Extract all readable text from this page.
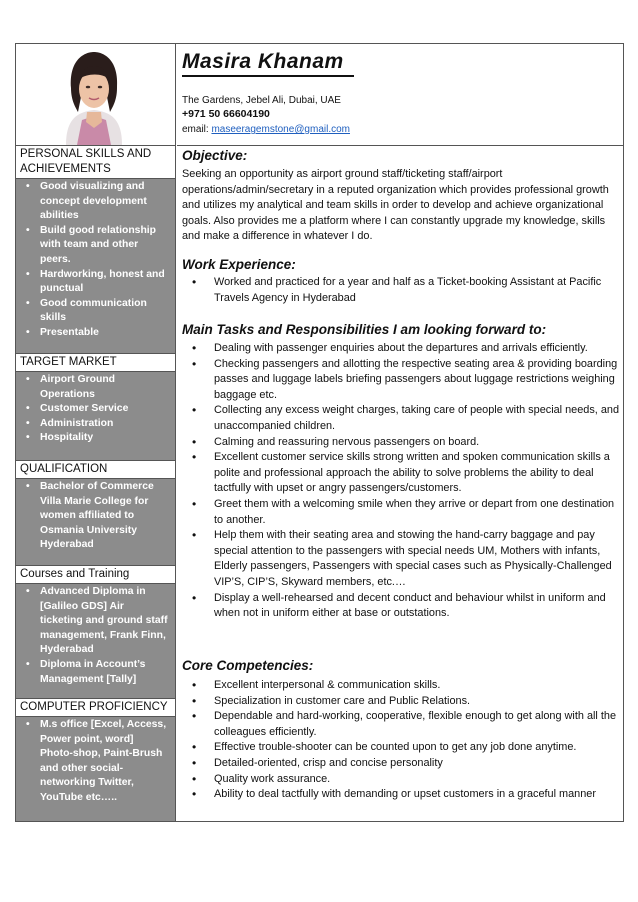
PERSONAL SKILLS AND
ACHIEVEMENTS
• Good visualizing and concept development abilities
• Build good relationship with team and other peers.
• Hardworking, honest and punctual
• Good communication skills
• Presentable
TARGET MARKET
• Airport Ground Operations
• Customer Service
• Administration
• Hospitality
QUALIFICATION
• Bachelor of Commerce Villa Marie College for women affiliated to Osmania University Hyderabad
Courses and Training
• Advanced Diploma in [Galileo GDS] Air ticketing and ground staff management, Frank Finn, Hyderabad
• Diploma in Account’s Management [Tally]
COMPUTER PROFICIENCY
• M.s office [Excel, Access, Power point, word] Photo-shop, Paint-Brush and other social-networking Twitter, YouTube etc…..
Masira Khanam
The Gardens, Jebel Ali, Dubai, UAE
+971 50 66604190
email: maseeragemstone@gmail.com
Objective:

Seeking an opportunity as airport ground staff/ticketing staff/airport operations/admin/secretary in a reputed organization which provides professional growth and utilizes my analytical and team skills in order to develop and achieve organizational goals. Also provides me a platform where I can constantly upgrade my knowledge, skills and make a difference in whatever I do.

Work Experience:
• Worked and practiced for a year and half as a Ticket-booking Assistant at Pacific Travels Agency in Hyderabad
Main Tasks and Responsibilities I am looking forward to:
• Dealing with passenger enquiries about the departures and arrivals efficiently.
• Checking passengers and allotting the respective seating area & providing boarding passes and luggage labels briefing passengers about luggage restrictions weighing baggage etc.
• Collecting any excess weight charges, taking care of people with special needs, and unaccompanied children.
• Calming and reassuring nervous passengers on board.
• Excellent customer service skills strong written and spoken communication skills a polite and professional approach the ability to solve problems the ability to deal tactfully with upset or angry passengers/customers.
• Greet them with a welcoming smile when they arrive or depart from one destination to another.
• Help them with their seating area and stowing the hand-carry baggage and pay special attention to the passengers with special needs UM, Mothers with infants, Elderly passengers, Passengers with special cases such as Physically-Challenged VIP’S, CIP’S, Skyward members, etc.…
• Display a well-rehearsed and decent conduct and behaviour whilst in uniform and when not in uniform either at base or outstations.
Core Competencies:
• Excellent interpersonal & communication skills.
• Specialization in customer care and Public Relations.
• Dependable and hard-working, cooperative, flexible enough to get along with all the colleagues efficiently.
• Effective trouble-shooter can be counted upon to get any job done anytime.
• Detailed-oriented, crisp and concise personality
• Quality work assurance.
• Ability to deal tactfully with demanding or upset customers in a graceful manner
